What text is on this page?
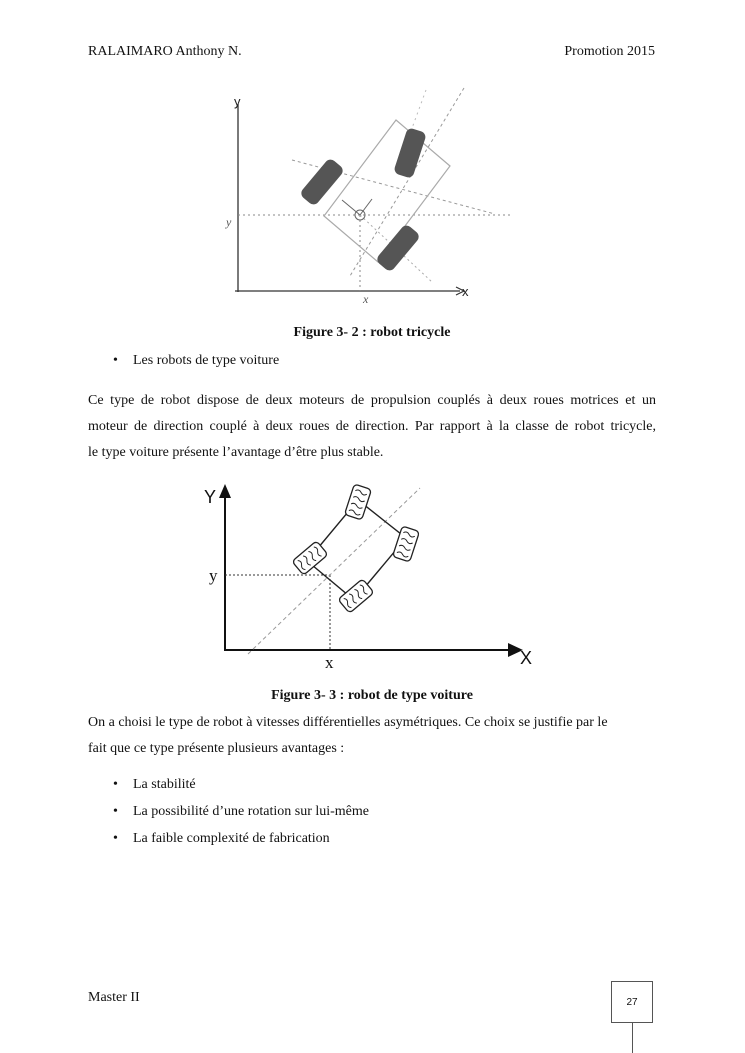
RALAIMARO Anthony N.	Promotion 2015
y
x
y
x
Figure 3- 2 : robot tricycle
• Les robots de type voiture
Ce type de robot dispose de deux moteurs de propulsion couplés à deux roues motrices et un
moteur de direction couplé à deux roues de direction. Par rapport à la classe de robot tricycle,
le type voiture présente l’avantage d’être plus stable.
Y
X
y
x
Figure 3- 3 : robot de type voiture
On a choisi le type de robot à vitesses différentielles asymétriques. Ce choix se justifie par le
fait que ce type présente plusieurs avantages :
• La stabilité
• La possibilité d’une rotation sur lui-même
• La faible complexité de fabrication
Master II	27
